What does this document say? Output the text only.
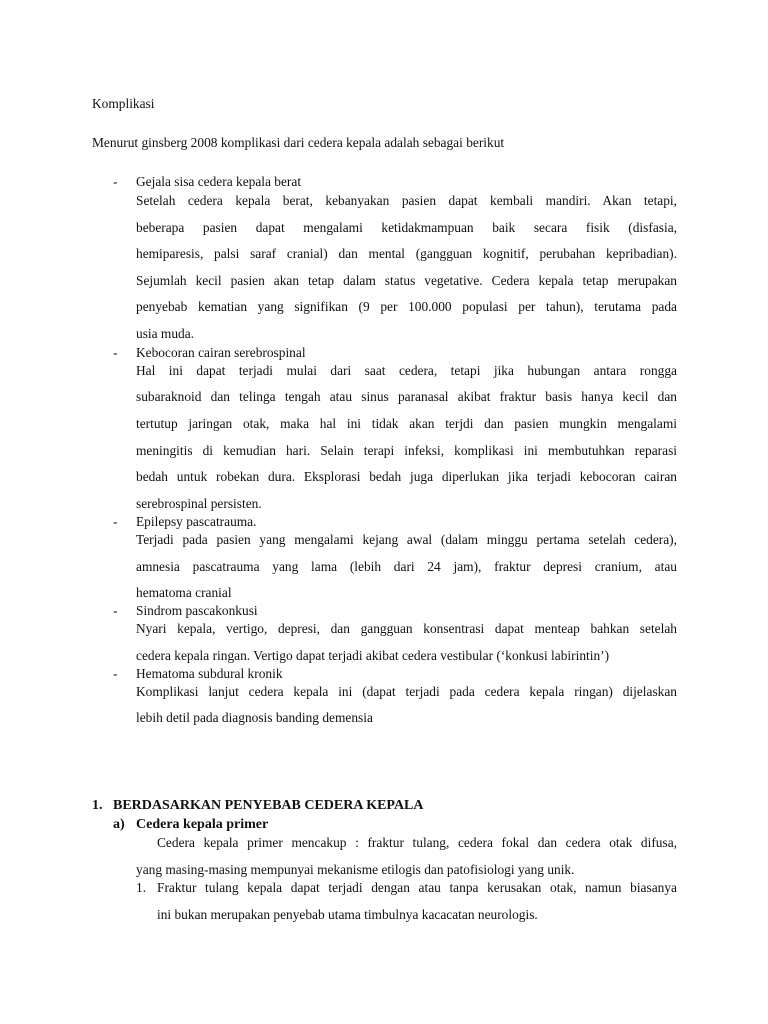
Komplikasi
Menurut ginsberg 2008 komplikasi dari cedera kepala adalah sebagai berikut
- Gejala sisa cedera kepala berat
Setelah cedera kepala berat, kebanyakan pasien dapat kembali mandiri. Akan tetapi,
beberapa pasien dapat mengalami ketidakmampuan baik secara fisik (disfasia,
hemiparesis, palsi saraf cranial) dan mental (gangguan kognitif, perubahan kepribadian).
Sejumlah kecil pasien akan tetap dalam status vegetative. Cedera kepala tetap merupakan
penyebab kematian yang signifikan (9 per 100.000 populasi per tahun), terutama pada
usia muda.
- Kebocoran cairan serebrospinal
Hal ini dapat terjadi mulai dari saat cedera, tetapi jika hubungan antara rongga
subaraknoid dan telinga tengah atau sinus paranasal akibat fraktur basis hanya kecil dan
tertutup jaringan otak, maka hal ini tidak akan terjdi dan pasien mungkin mengalami
meningitis di kemudian hari. Selain terapi infeksi, komplikasi ini membutuhkan reparasi
bedah untuk robekan dura. Eksplorasi bedah juga diperlukan jika terjadi kebocoran cairan
serebrospinal persisten.
- Epilepsy pascatrauma.
Terjadi pada pasien yang mengalami kejang awal (dalam minggu pertama setelah cedera),
amnesia pascatrauma yang lama (lebih dari 24 jam), fraktur depresi cranium, atau
hematoma cranial
- Sindrom pascakonkusi
Nyari kepala, vertigo, depresi, dan gangguan konsentrasi dapat menteap bahkan setelah
cedera kepala ringan. Vertigo dapat terjadi akibat cedera vestibular (‘konkusi labirintin’)
- Hematoma subdural kronik
Komplikasi lanjut cedera kepala ini (dapat terjadi pada cedera kepala ringan) dijelaskan
lebih detil pada diagnosis banding demensia
1. BERDASARKAN PENYEBAB CEDERA KEPALA
a) Cedera kepala primer
Cedera kepala primer mencakup : fraktur tulang, cedera fokal dan cedera otak difusa,
yang masing-masing mempunyai mekanisme etilogis dan patofisiologi yang unik.
1. Fraktur tulang kepala dapat terjadi dengan atau tanpa kerusakan otak, namun biasanya
ini bukan merupakan penyebab utama timbulnya kacacatan neurologis.
